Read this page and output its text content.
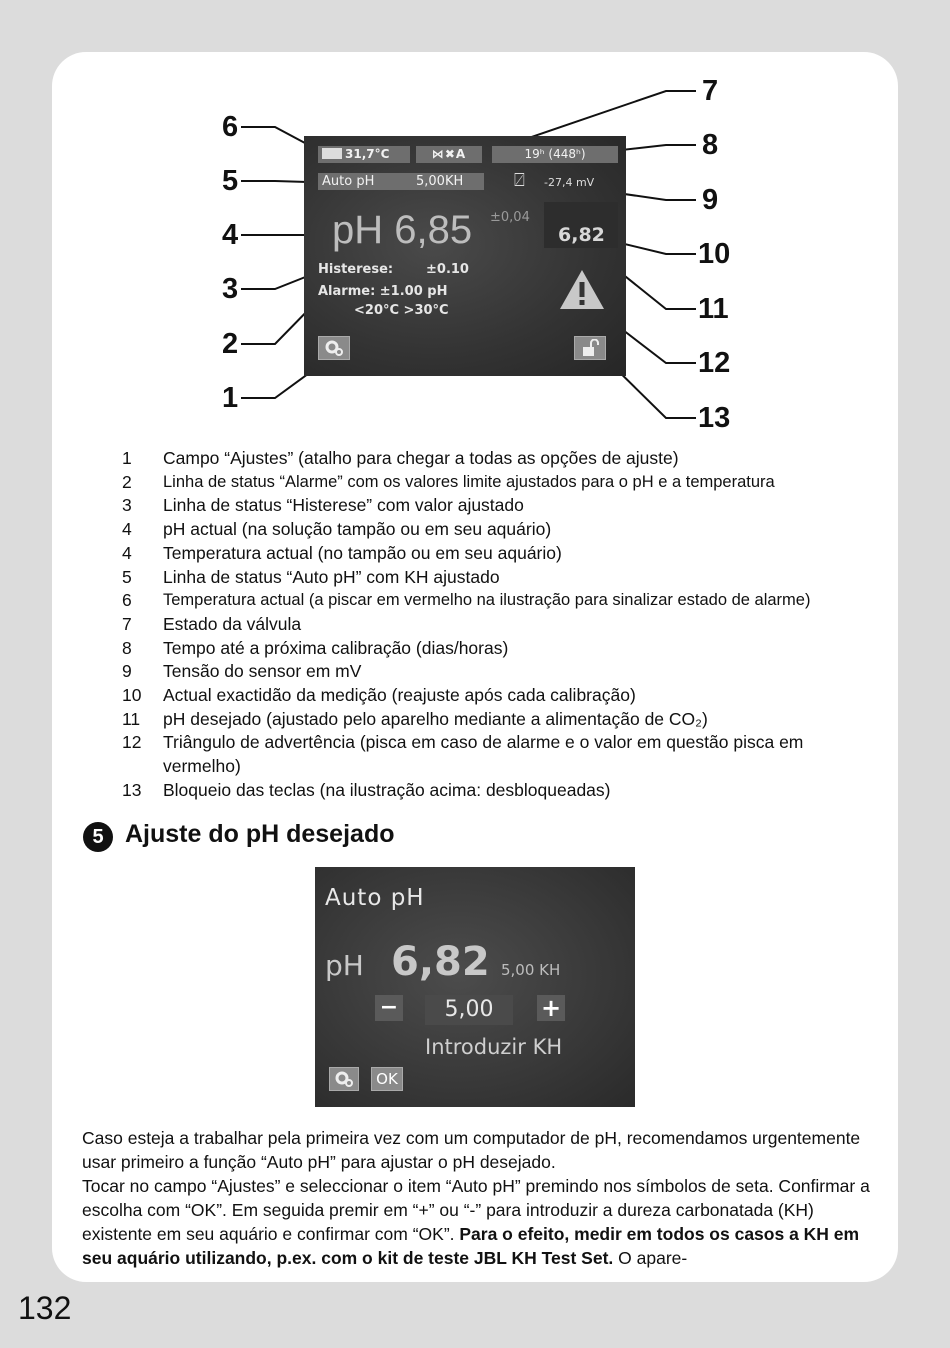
6
5
4
3
2
1
7
8
9
10
11
12
13
31,7°C	⋈✖A	19ʰ (448ʰ)
Auto pH	5,00KH	⍁ -27,4 mV
pH 6,85 ±0,04
6,82
Histerese:	±0.10
Alarme: ±1.00 pH
<20°C >30°C
1	Campo “Ajustes” (atalho para chegar a todas as opções de ajuste)
2	Linha de status “Alarme” com os valores limite ajustados para o pH e a temperatura
3	Linha de status “Histerese” com valor ajustado
4	pH actual (na solução tampão ou em seu aquário)
4	Temperatura actual (no tampão ou em seu aquário)
5	Linha de status “Auto pH” com KH ajustado
6	Temperatura actual (a piscar em vermelho na ilustração para sinalizar estado de alarme)
7	Estado da válvula
8	Tempo até a próxima calibração (dias/horas)
9	Tensão do sensor em mV
10	Actual exactidão da medição (reajuste após cada calibração)
11	pH desejado (ajustado pelo aparelho mediante a alimentação de CO₂)
12	Triângulo de advertência (pisca em caso de alarme e o valor em questão pisca em vermelho)
13	Bloqueio das teclas (na ilustração acima: desbloqueadas)
5 Ajuste do pH desejado
Auto pH
pH 6,82 5,00 KH
−	5,00	+
Introduzir KH
OK
Caso esteja a trabalhar pela primeira vez com um computador de pH, recomendamos urgentemente usar primeiro a função “Auto pH” para ajustar o pH desejado.
Tocar no campo “Ajustes” e seleccionar o item “Auto pH” premindo nos símbolos de seta. Confirmar a escolha com “OK”. Em seguida premir em “+” ou “-” para introduzir a dureza carbonatada (KH) existente em seu aquário e confirmar com “OK”. Para o efeito, medir em todos os casos a KH em seu aquário utilizando, p.ex. com o kit de teste JBL KH Test Set. O apare-
132
